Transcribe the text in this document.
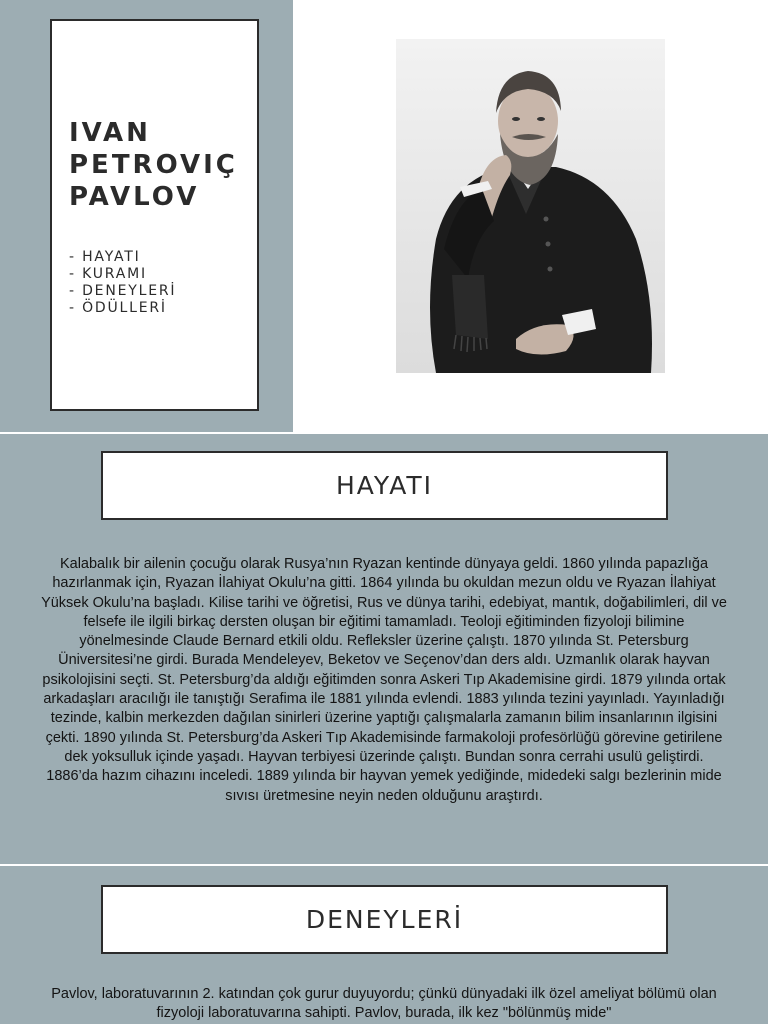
IVAN
PETROVIÇ
PAVLOV
- HAYATI
- KURAMI
- DENEYLERİ
- ÖDÜLLERİ
HAYATI

Kalabalık bir ailenin çocuğu olarak Rusya’nın Ryazan kentinde dünyaya geldi. 1860 yılında papazlığa hazırlanmak için, Ryazan İlahiyat Okulu’na gitti. 1864 yılında bu okuldan mezun oldu ve Ryazan İlahiyat Yüksek Okulu’na başladı. Kilise tarihi ve öğretisi, Rus ve dünya tarihi, edebiyat, mantık, doğabilimleri, dil ve felsefe ile ilgili birkaç dersten oluşan bir eğitimi tamamladı. Teoloji eğitiminden fizyoloji bilimine yönelmesinde Claude Bernard etkili oldu. Refleksler üzerine çalıştı. 1870 yılında St. Petersburg Üniversitesi’ne girdi. Burada Mendeleyev, Beketov ve Seçenov’dan ders aldı. Uzmanlık olarak hayvan psikolojisini seçti. St. Petersburg’da aldığı eğitimden sonra Askeri Tıp Akademisine girdi. 1879 yılında ortak arkadaşları aracılığı ile tanıştığı Serafima ile 1881 yılında evlendi. 1883 yılında tezini yayınladı. Yayınladığı tezinde, kalbin merkezden dağılan sinirleri üzerine yaptığı çalışmalarla zamanın bilim insanlarının ilgisini çekti. 1890 yılında St. Petersburg’da Askeri Tıp Akademisinde farmakoloji profesörlüğü görevine getirilene dek yoksulluk içinde yaşadı. Hayvan terbiyesi üzerinde çalıştı. Bundan sonra cerrahi usulü geliştirdi. 1886’da hazım cihazını inceledi. 1889 yılında bir hayvan yemek yediğinde, midedeki salgı bezlerinin mide sıvısı üretmesine neyin neden olduğunu araştırdı.

DENEYLERİ

Pavlov, laboratuvarının 2. katından çok gurur duyuyordu; çünkü dünyadaki ilk özel ameliyat bölümü olan fizyoloji laboratuvarına sahipti. Pavlov, burada, ilk kez "bölünmüş mide"
